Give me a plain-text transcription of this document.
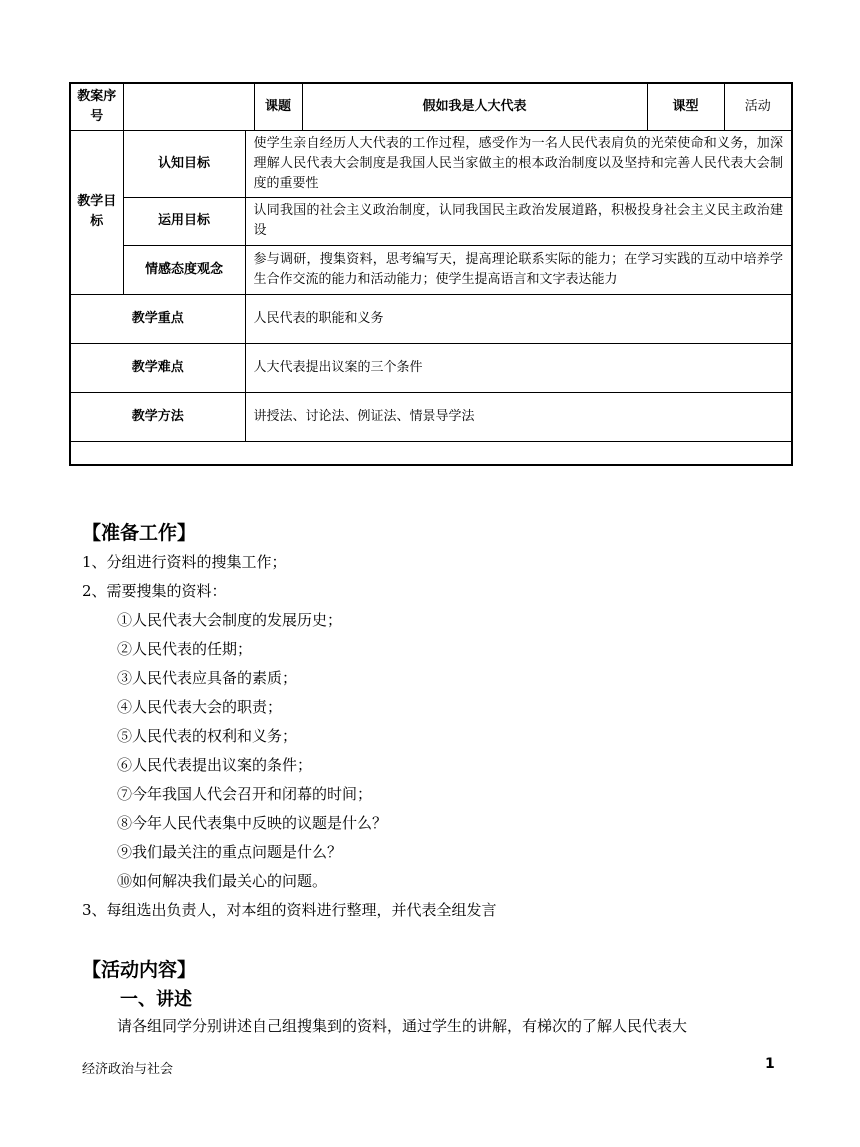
教案序号			课题	假如我是人大代表	课型	活动
教学目标	认知目标	使学生亲自经历人大代表的工作过程，感受作为一名人民代表肩负的光荣使命和义务，加深理解人民代表大会制度是我国人民当家做主的根本政治制度以及坚持和完善人民代表大会制度的重要性				
	运用目标	认同我国的社会主义政治制度，认同我国民主政治发展道路，积极投身社会主义民主政治建设				
	情感态度观念	参与调研，搜集资料，思考编写天，提高理论联系实际的能力；在学习实践的互动中培养学生合作交流的能力和活动能力；使学生提高语言和文字表达能力				
教学重点		人民代表的职能和义务				
教学难点		人大代表提出议案的三个条件				
教学方法		讲授法、讨论法、例证法、情景导学法				

【准备工作】
1、分组进行资料的搜集工作；
2、需要搜集的资料：
①人民代表大会制度的发展历史；
②人民代表的任期；
③人民代表应具备的素质；
④人民代表大会的职责；
⑤人民代表的权利和义务；
⑥人民代表提出议案的条件；
⑦今年我国人代会召开和闭幕的时间；
⑧今年人民代表集中反映的议题是什么？
⑨我们最关注的重点问题是什么？
⑩如何解决我们最关心的问题。
3、每组选出负责人，对本组的资料进行整理，并代表全组发言
【活动内容】
一、讲述
请各组同学分别讲述自己组搜集到的资料，通过学生的讲解，有梯次的了解人民代表大
经济政治与社会	1
